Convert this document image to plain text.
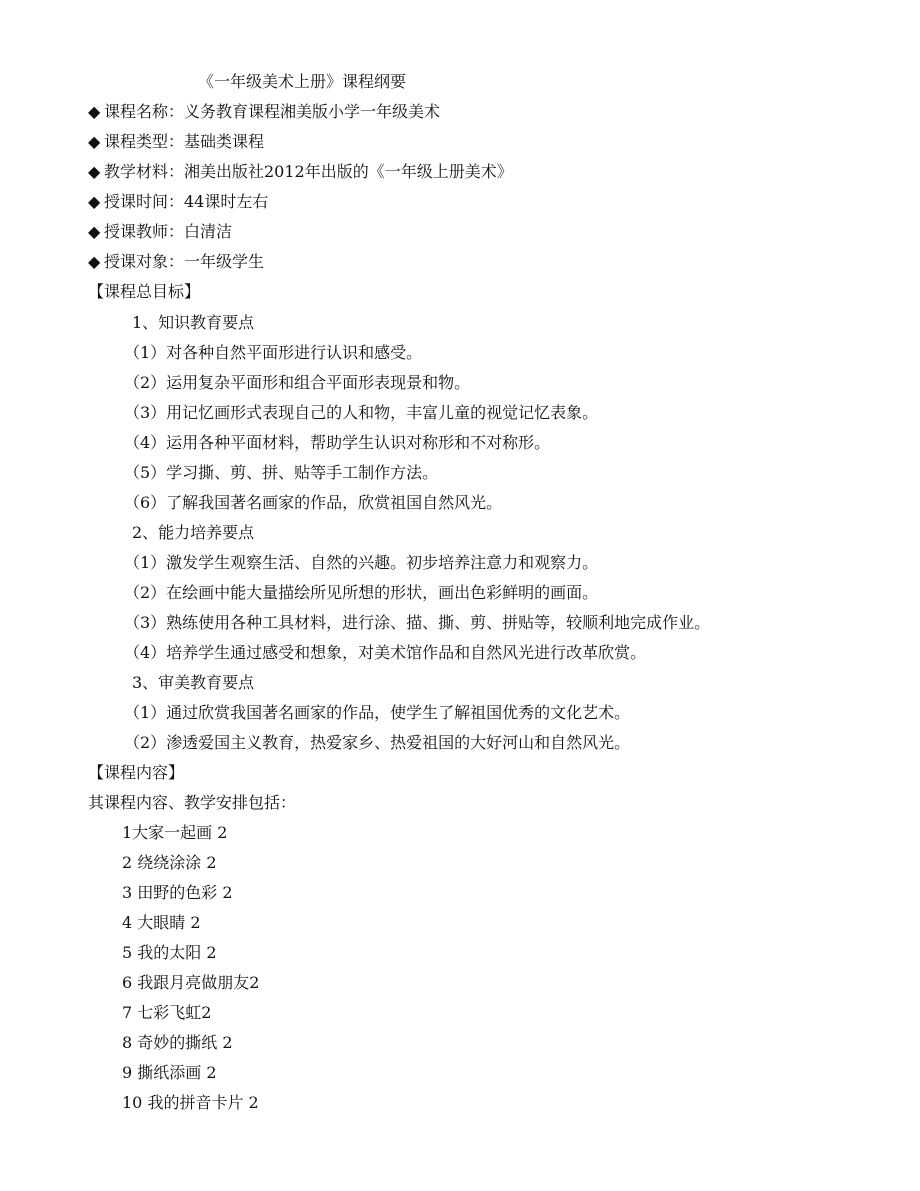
《一年级美术上册》课程纲要
◆ 课程名称：义务教育课程湘美版小学一年级美术
◆ 课程类型：基础类课程
◆ 教学材料：湘美出版社2012年出版的《一年级上册美术》
◆ 授课时间：44课时左右
◆ 授课教师：白清洁
◆ 授课对象：一年级学生
【课程总目标】
1、知识教育要点
（1）对各种自然平面形进行认识和感受。
（2）运用复杂平面形和组合平面形表现景和物。
（3）用记忆画形式表现自己的人和物，丰富儿童的视觉记忆表象。
（4）运用各种平面材料，帮助学生认识对称形和不对称形。
（5）学习撕、剪、拼、贴等手工制作方法。
（6）了解我国著名画家的作品，欣赏祖国自然风光。
2、能力培养要点
（1）激发学生观察生活、自然的兴趣。初步培养注意力和观察力。
（2）在绘画中能大量描绘所见所想的形状，画出色彩鲜明的画面。
（3）熟练使用各种工具材料，进行涂、描、撕、剪、拼贴等，较顺利地完成作业。
（4）培养学生通过感受和想象，对美术馆作品和自然风光进行改革欣赏。
3、审美教育要点
（1）通过欣赏我国著名画家的作品，使学生了解祖国优秀的文化艺术。
（2）渗透爱国主义教育，热爱家乡、热爱祖国的大好河山和自然风光。
【课程内容】
其课程内容、教学安排包括：
1大家一起画 2
2 绕绕涂涂 2
3 田野的色彩 2
4 大眼睛 2
5 我的太阳 2
6 我跟月亮做朋友2
7 七彩飞虹2
8 奇妙的撕纸 2
9 撕纸添画 2
10 我的拼音卡片 2
